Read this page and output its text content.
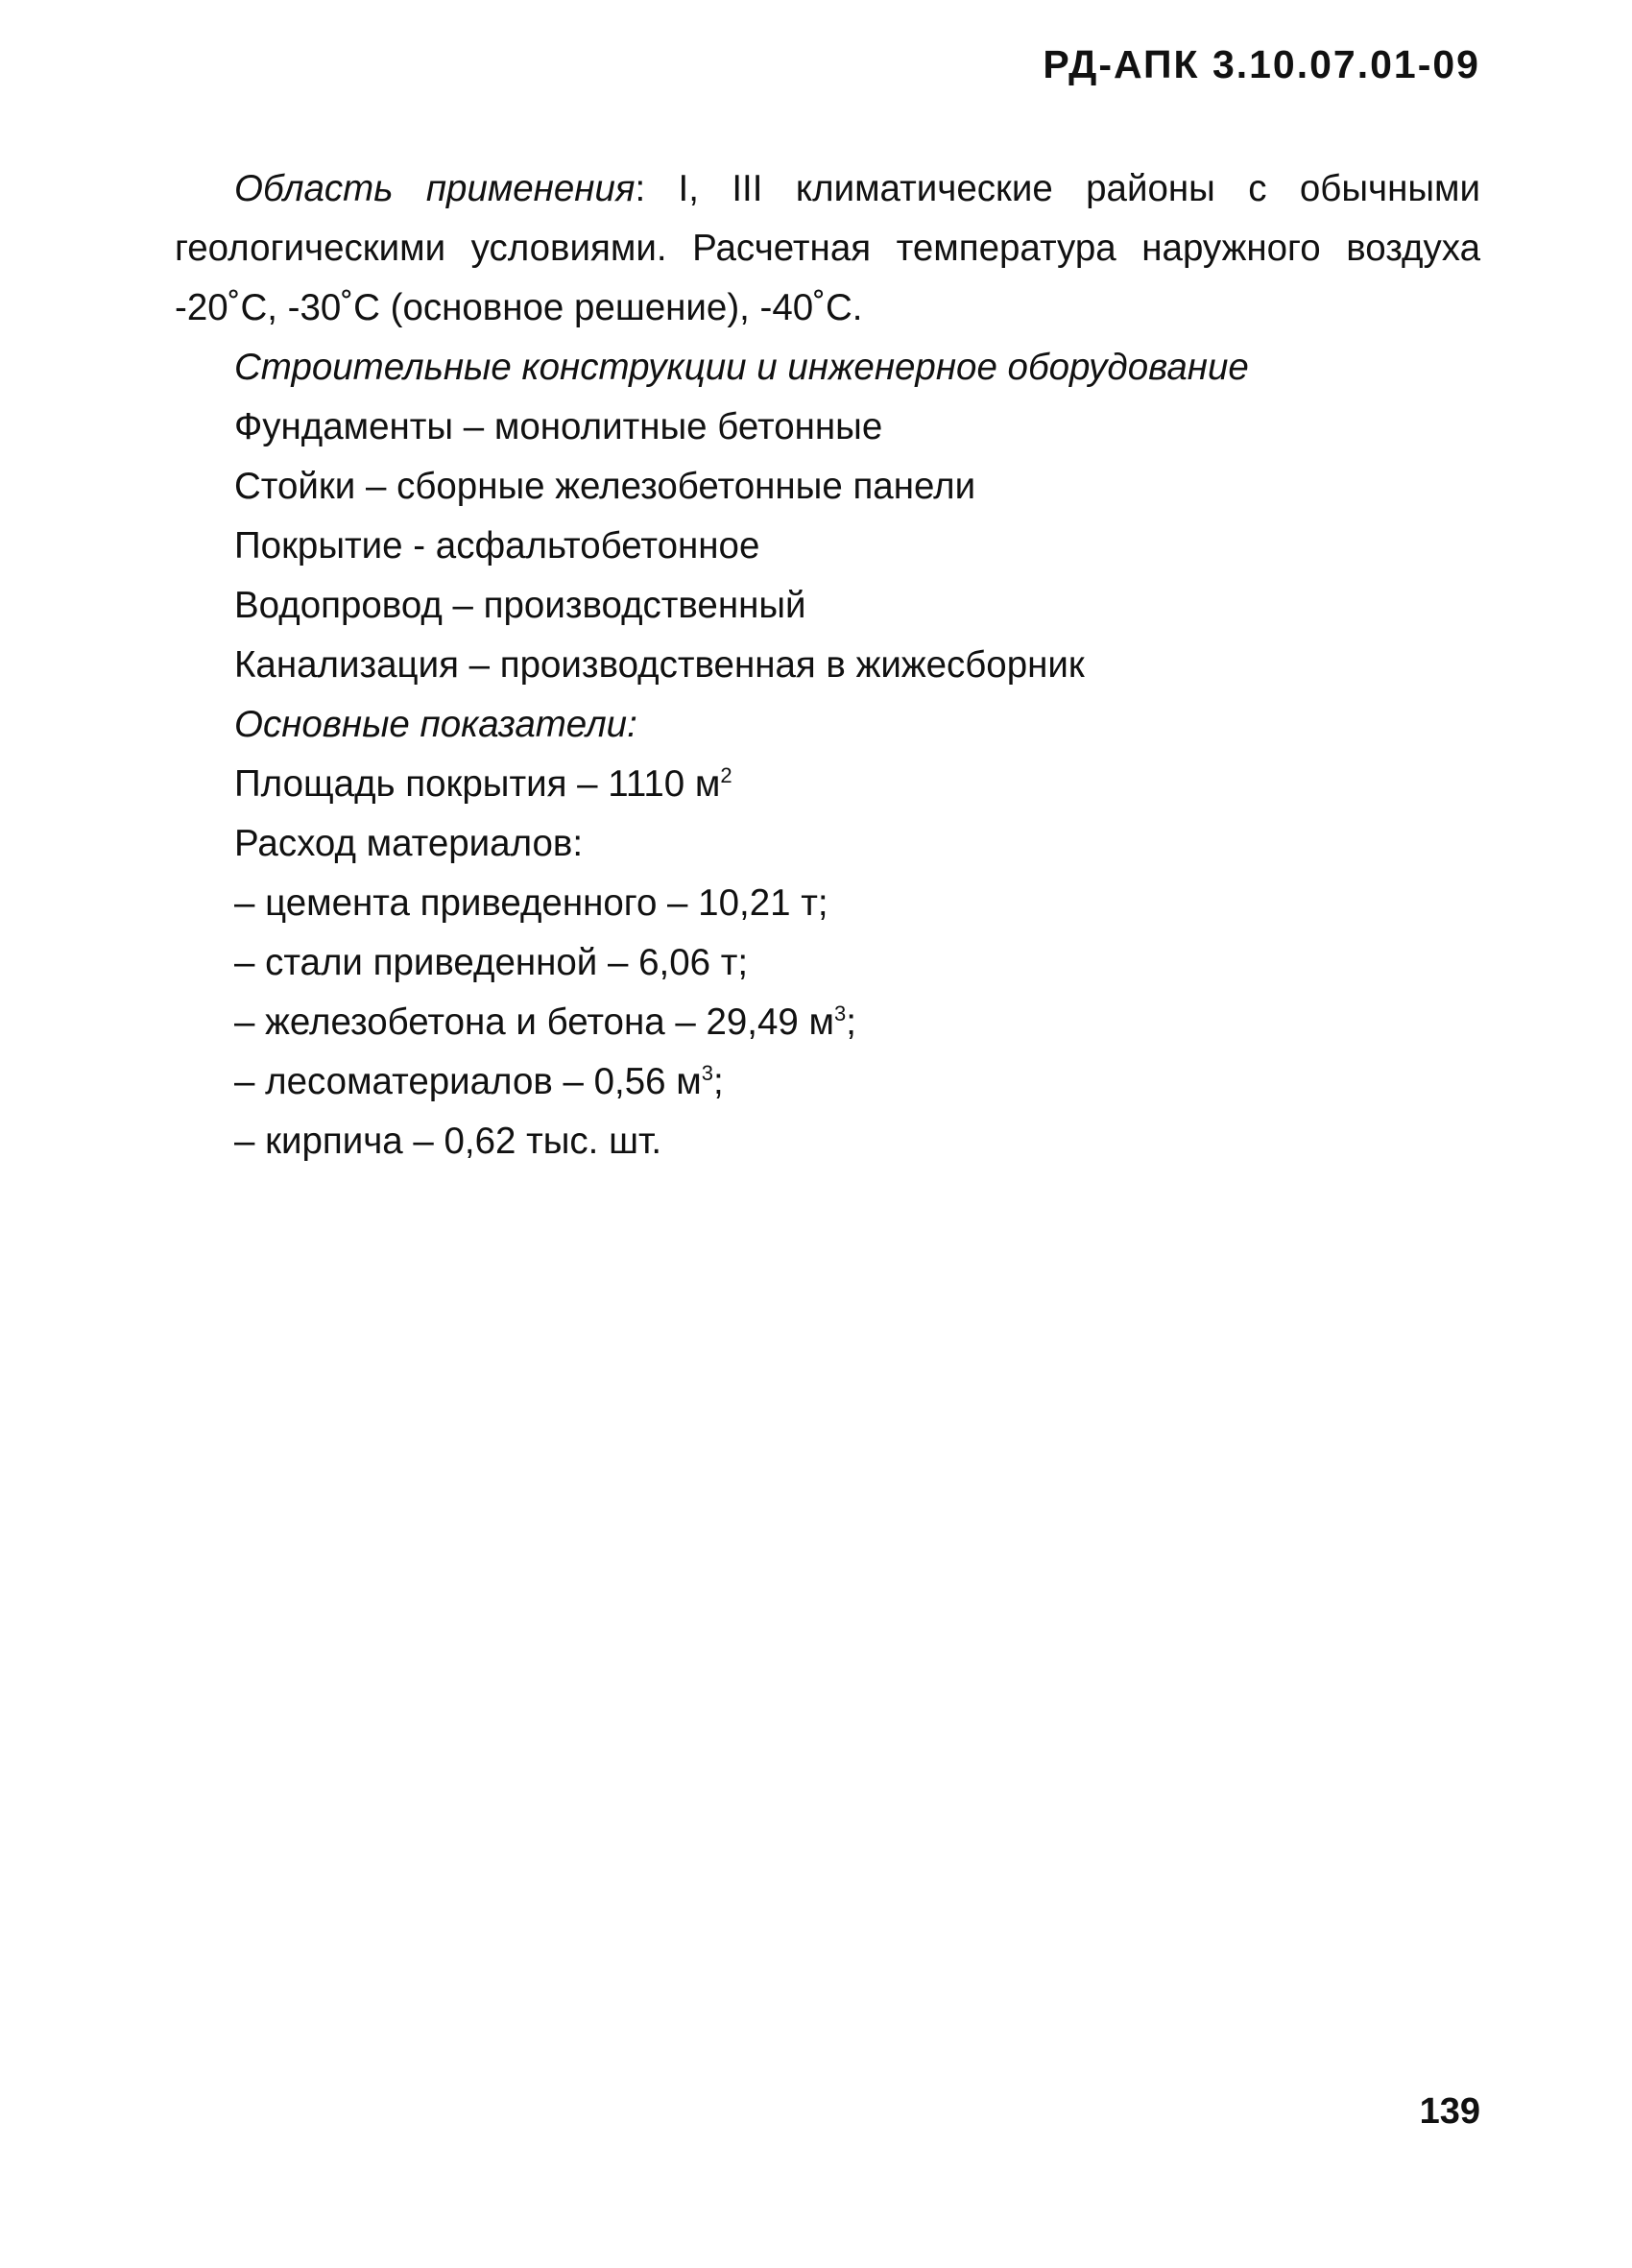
РД-АПК 3.10.07.01-09

Область применения: I, III климатические районы с обычными геологическими условиями. Расчетная температура наружного воздуха -20˚С, -30˚С (основное решение), -40˚С.

Строительные конструкции и инженерное оборудование

Фундаменты – монолитные бетонные

Стойки – сборные железобетонные панели

Покрытие - асфальтобетонное

Водопровод – производственный

Канализация – производственная в жижесборник

Основные показатели:

Площадь покрытия – 1110 $м^2$

Расход материалов:

– цемента приведенного – 10,21 т;

– стали приведенной – 6,06 т;

– железобетона и бетона – 29,49 $м^3$;

– лесоматериалов – 0,56 $м^3$;

– кирпича – 0,62 тыс. шт.

139
